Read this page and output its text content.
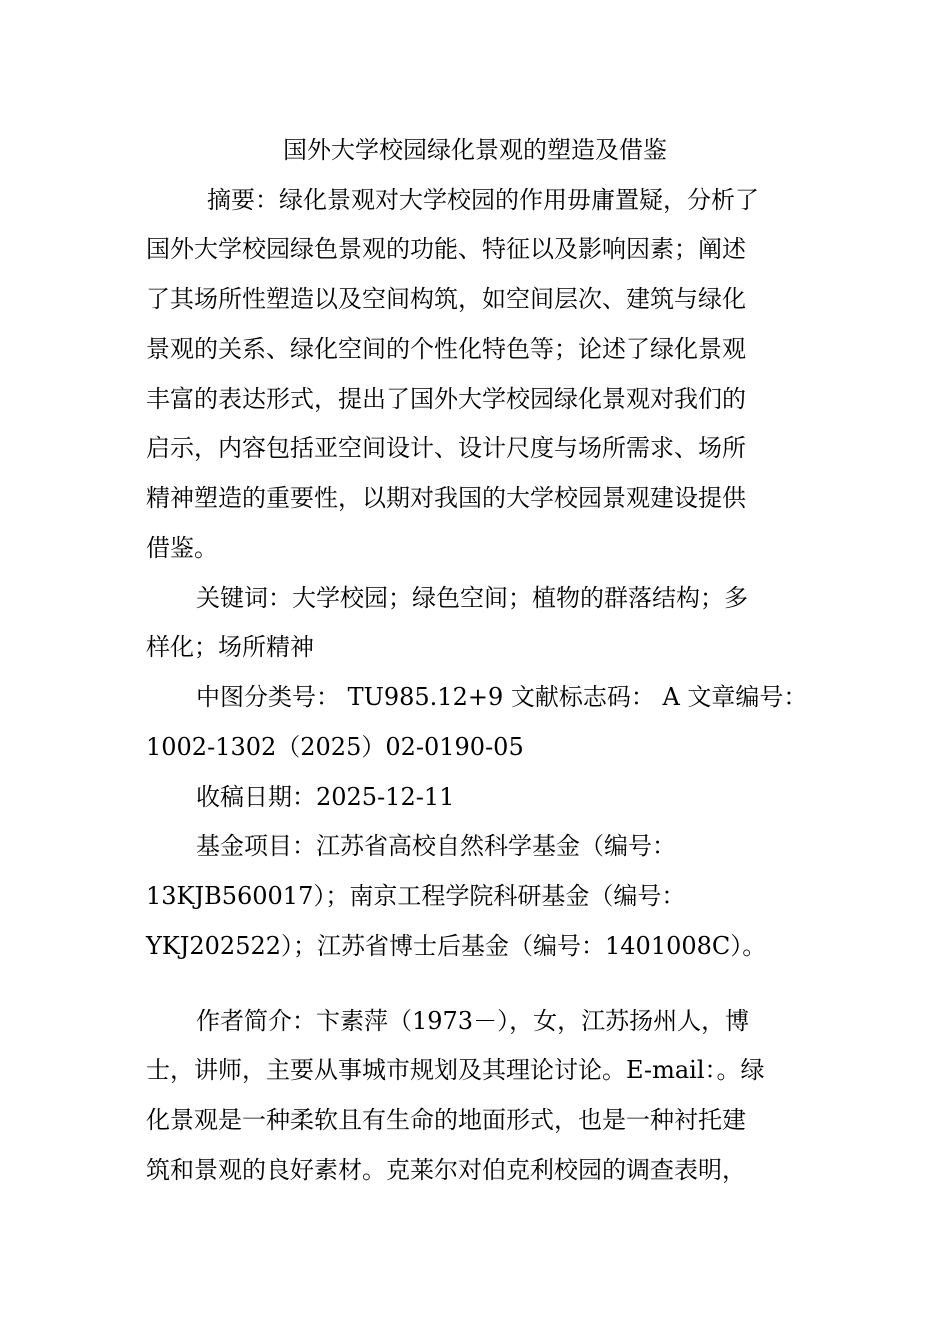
国外大学校园绿化景观的塑造及借鉴
摘要：绿化景观对大学校园的作用毋庸置疑，分析了
国外大学校园绿色景观的功能、特征以及影响因素；阐述
了其场所性塑造以及空间构筑，如空间层次、建筑与绿化
景观的关系、绿化空间的个性化特色等；论述了绿化景观
丰富的表达形式，提出了国外大学校园绿化景观对我们的
启示，内容包括亚空间设计、设计尺度与场所需求、场所
精神塑造的重要性，以期对我国的大学校园景观建设提供
借鉴。
关键词：大学校园；绿色空间；植物的群落结构；多
样化；场所精神
中图分类号： TU985.12+9 文献标志码： A 文章编号：
1002-1302（2025）02-0190-05
收稿日期：2025-12-11
基金项目：江苏省高校自然科学基金（编号：
13KJB560017）；南京工程学院科研基金（编号：
YKJ202522）；江苏省博士后基金（编号：1401008C）。
作者简介：卞素萍（1973－），女，江苏扬州人，博
士，讲师，主要从事城市规划及其理论讨论。E-mail：。绿
化景观是一种柔软且有生命的地面形式，也是一种衬托建
筑和景观的良好素材。克莱尔对伯克利校园的调查表明，
